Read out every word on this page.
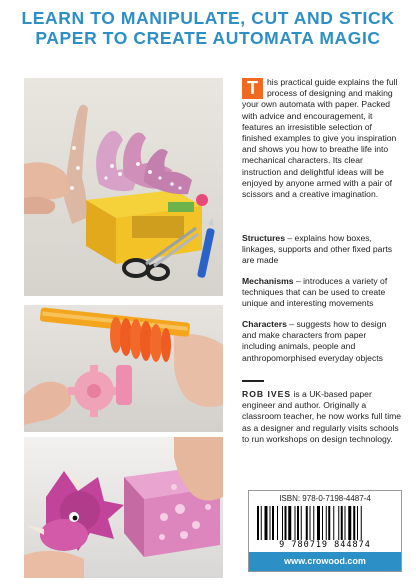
LEARN TO MANIPULATE, CUT AND STICK
PAPER TO CREATE AUTOMATA MAGIC
T	his practical guide explains the full process of designing and making your own automata with paper. Packed with advice and encouragement, it features an irresistible selection of finished examples to give you inspiration and shows you how to breathe life into mechanical characters. Its clear instruction and delightful ideas will be enjoyed by anyone armed with a pair of scissors and a creative imagination.
Structures – explains how boxes, linkages, supports and other fixed parts are made
Mechanisms – introduces a variety of techniques that can be used to create unique and interesting movements
Characters – suggests how to design and make characters from paper including animals, people and anthropomorphised everyday objects
ROB IVES is a UK-based paper engineer and author. Originally a classroom teacher, he now works full time as a designer and regularly visits schools to run workshops on design technology.
ISBN: 978-0-7198-4487-4
9 780719 844874
www.crowood.com
